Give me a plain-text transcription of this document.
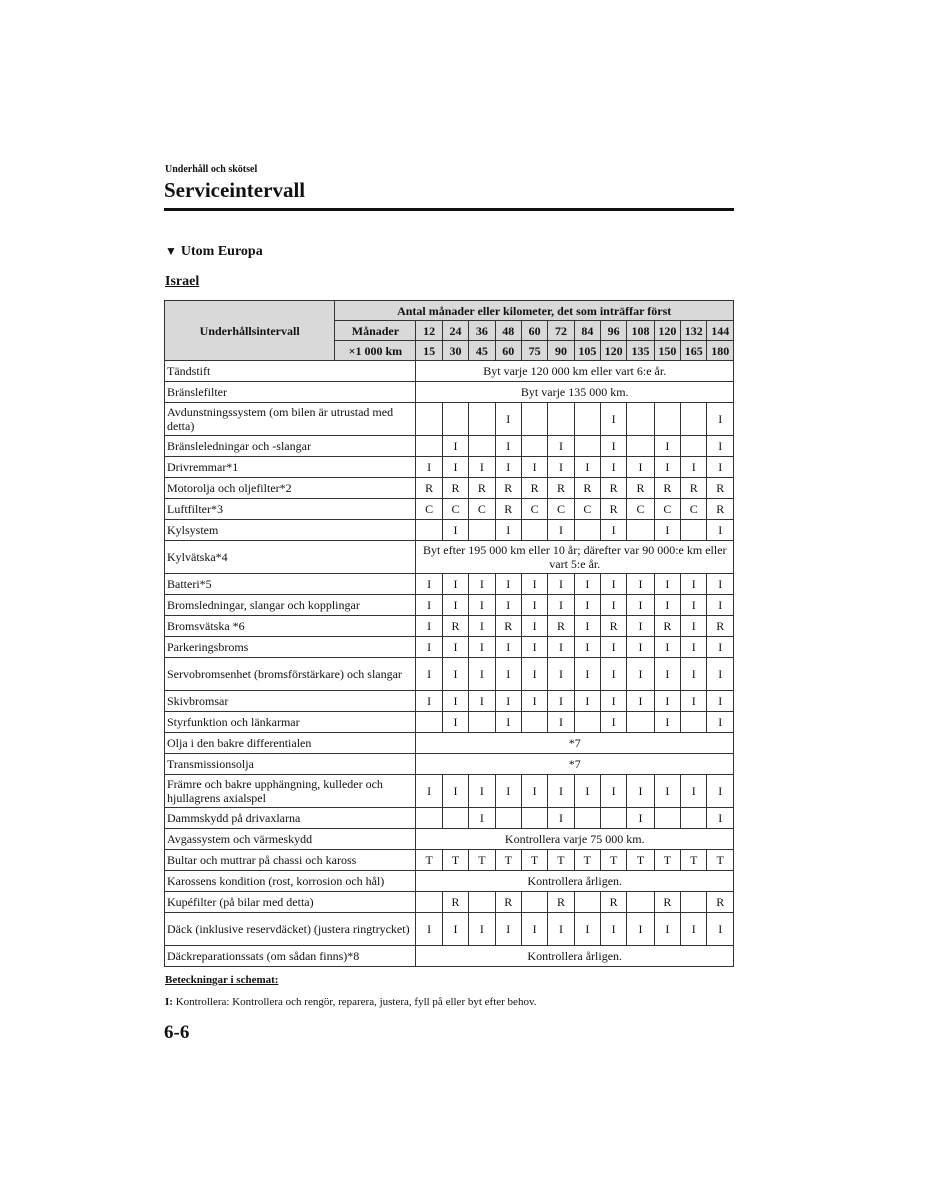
Underhåll och skötsel
Serviceintervall
▼ Utom Europa
Israel
Underhållsintervall	Antal månader eller kilometer, det som inträffar först												
	Månader	12	24	36	48	60	72	84	96	108	120	132	144
	×1 000 km	15	30	45	60	75	90	105	120	135	150	165	180
Tändstift		Byt varje 120 000 km eller vart 6:e år.											
Bränslefilter		Byt varje 135 000 km.											
Avdunstningssystem (om bilen är utrustad med detta)					I				I				I
Bränsleledningar och -slangar			I		I		I		I		I		I
Drivremmar*1		I	I	I	I	I	I	I	I	I	I	I	I
Motorolja och oljefilter*2		R	R	R	R	R	R	R	R	R	R	R	R
Luftfilter*3		C	C	C	R	C	C	C	R	C	C	C	R
Kylsystem			I		I		I		I		I		I
Kylvätska*4		Byt efter 195 000 km eller 10 år; därefter var 90 000:e km eller vart 5:e år.											
Batteri*5		I	I	I	I	I	I	I	I	I	I	I	I
Bromsledningar, slangar och kopplingar		I	I	I	I	I	I	I	I	I	I	I	I
Bromsvätska *6		I	R	I	R	I	R	I	R	I	R	I	R
Parkeringsbroms		I	I	I	I	I	I	I	I	I	I	I	I
Servobromsenhet (bromsförstärkare) och slangar		I	I	I	I	I	I	I	I	I	I	I	I
Skivbromsar		I	I	I	I	I	I	I	I	I	I	I	I
Styrfunktion och länkarmar			I		I		I		I		I		I
Olja i den bakre differentialen		*7											
Transmissionsolja		*7											
Främre och bakre upphängning, kulleder och hjullagrens axialspel		I	I	I	I	I	I	I	I	I	I	I	I
Dammskydd på drivaxlarna				I			I			I			I
Avgassystem och värmeskydd		Kontrollera varje 75 000 km.											
Bultar och muttrar på chassi och kaross		T	T	T	T	T	T	T	T	T	T	T	T
Karossens kondition (rost, korrosion och hål)		Kontrollera årligen.											
Kupéfilter (på bilar med detta)			R		R		R		R		R		R
Däck (inklusive reservdäcket) (justera ringtrycket)		I	I	I	I	I	I	I	I	I	I	I	I
Däckreparationssats (om sådan finns)*8		Kontrollera årligen.											
Beteckningar i schemat:
I: Kontrollera: Kontrollera och rengör, reparera, justera, fyll på eller byt efter behov.
6-6
